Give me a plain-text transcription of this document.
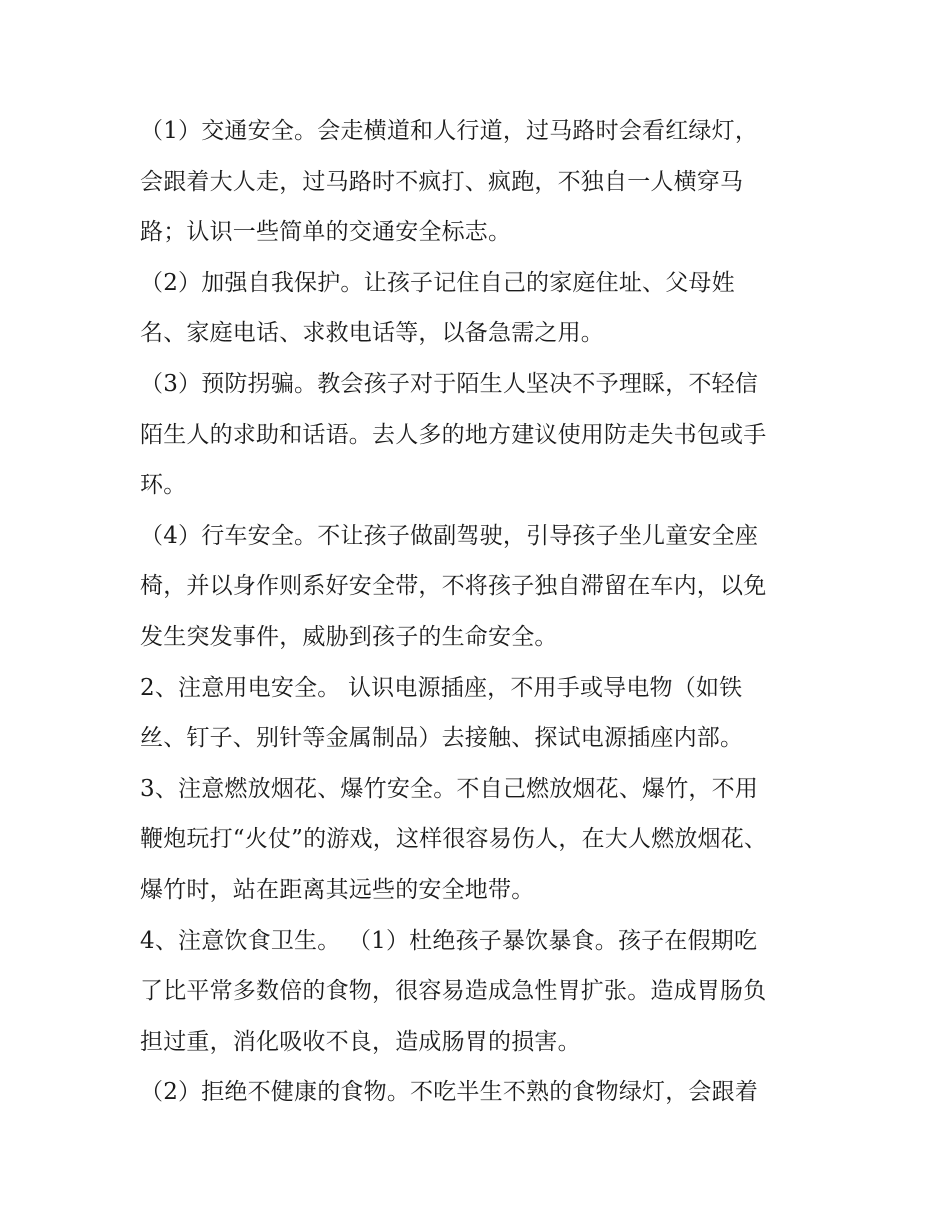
（1）交通安全。会走横道和人行道，过马路时会看红绿灯，
会跟着大人走，过马路时不疯打、疯跑，不独自一人横穿马
路；认识一些简单的交通安全标志。
（2）加强自我保护。让孩子记住自己的家庭住址、父母姓
名、家庭电话、求救电话等，以备急需之用。
（3）预防拐骗。教会孩子对于陌生人坚决不予理睬，不轻信
陌生人的求助和话语。去人多的地方建议使用防走失书包或手
环。
（4）行车安全。不让孩子做副驾驶，引导孩子坐儿童安全座
椅，并以身作则系好安全带，不将孩子独自滞留在车内，以免
发生突发事件，威胁到孩子的生命安全。
2、注意用电安全。 认识电源插座，不用手或导电物（如铁
丝、钉子、别针等金属制品）去接触、探试电源插座内部。
3、注意燃放烟花、爆竹安全。不自己燃放烟花、爆竹，不用
鞭炮玩打“火仗”的游戏，这样很容易伤人，在大人燃放烟花、
爆竹时，站在距离其远些的安全地带。
4、注意饮食卫生。 （1）杜绝孩子暴饮暴食。孩子在假期吃
了比平常多数倍的食物，很容易造成急性胃扩张。造成胃肠负
担过重，消化吸收不良，造成肠胃的损害。
（2）拒绝不健康的食物。不吃半生不熟的食物绿灯，会跟着
